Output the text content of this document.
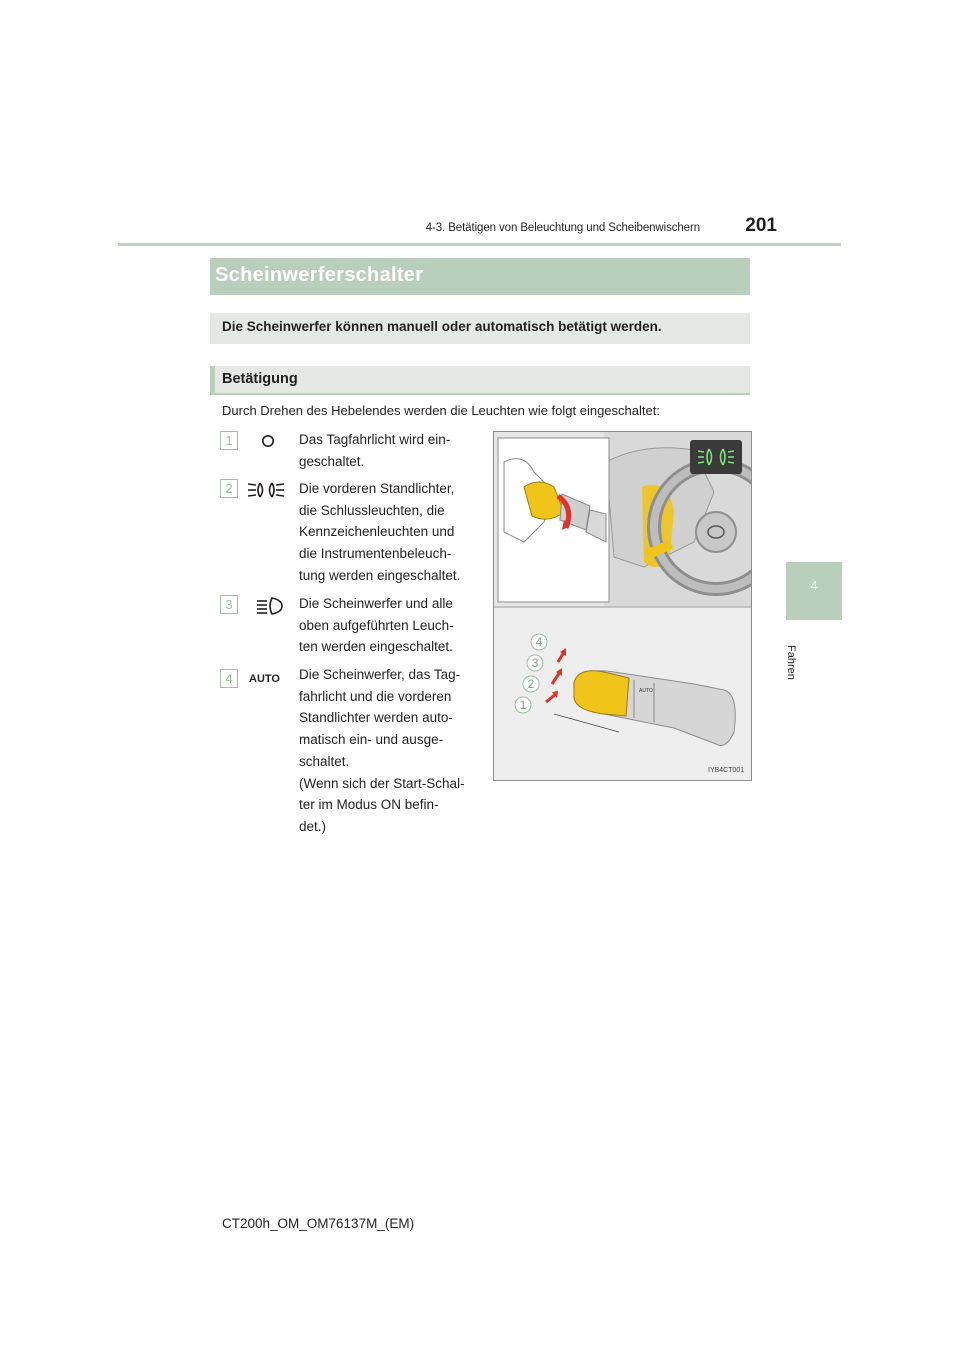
4-3. Betätigen von Beleuchtung und Scheibenwischern	201
4
Fahren
Scheinwerferschalter
Die Scheinwerfer können manuell oder automatisch betätigt werden.
Betätigung
Durch Drehen des Hebelendes werden die Leuchten wie folgt eingeschaltet:
1	Das Tagfahrlicht wird ein-
geschaltet.
2	Die vorderen Standlichter,
die Schlussleuchten, die
Kennzeichenleuchten und
die Instrumentenbeleuch-
tung werden eingeschaltet.
3	Die Scheinwerfer und alle
oben aufgeführten Leuch-
ten werden eingeschaltet.
4	AUTO Die Scheinwerfer, das Tag-
fahrlicht und die vorderen
Standlichter werden auto-
matisch ein- und ausge-
schaltet.
(Wenn sich der Start-Schal-
ter im Modus ON befin-
det.)
AUTO
4
3
2
1
IYB4CT001
CT200h_OM_OM76137M_(EM)
